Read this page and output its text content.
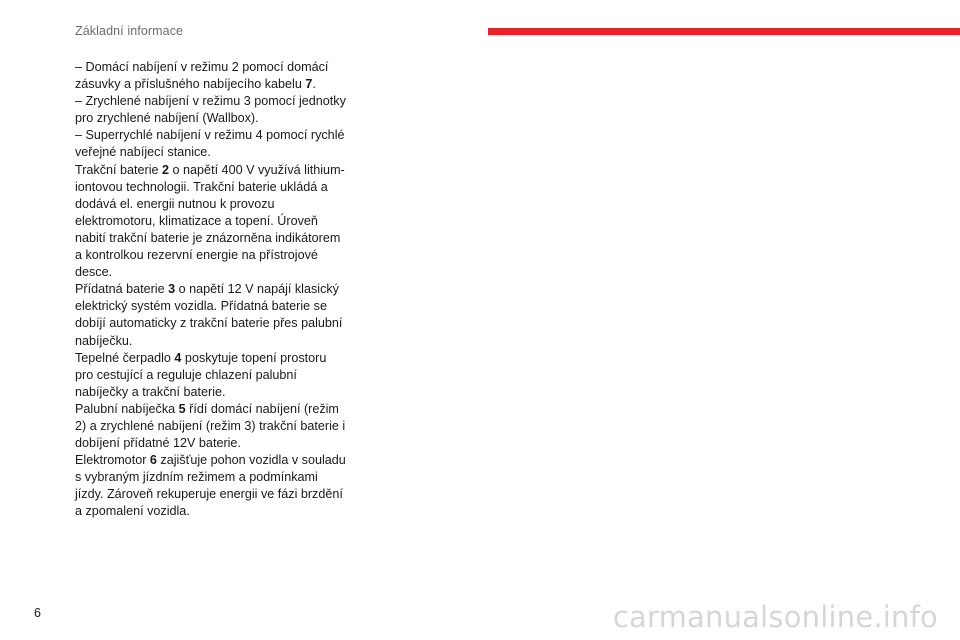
Základní informace

– Domácí nabíjení v režimu 2 pomocí domácí zásuvky a příslušného nabíjecího kabelu 7.

– Zrychlené nabíjení v režimu 3 pomocí jednotky pro zrychlené nabíjení (Wallbox).

– Superrychlé nabíjení v režimu 4 pomocí rychlé veřejné nabíjecí stanice.

Trakční baterie 2 o napětí 400 V využívá lithium-iontovou technologii. Trakční baterie ukládá a dodává el. energii nutnou k provozu elektromotoru, klimatizace a topení. Úroveň nabití trakční baterie je znázorněna indikátorem a kontrolkou rezervní energie na přístrojové desce.

Přídatná baterie 3 o napětí 12 V napájí klasický elektrický systém vozidla. Přídatná baterie se dobíjí automaticky z trakční baterie přes palubní nabíječku.

Tepelné čerpadlo 4 poskytuje topení prostoru pro cestující a reguluje chlazení palubní nabíječky a trakční baterie.

Palubní nabíječka 5 řídí domácí nabíjení (režim 2) a zrychlené nabíjení (režim 3) trakční baterie i dobíjení přídatné 12V baterie.

Elektromotor 6 zajišťuje pohon vozidla v souladu s vybraným jízdním režimem a podmínkami jízdy. Zároveň rekuperuje energii ve fázi brzdění a zpomalení vozidla.

6	carmanualsonline.info
